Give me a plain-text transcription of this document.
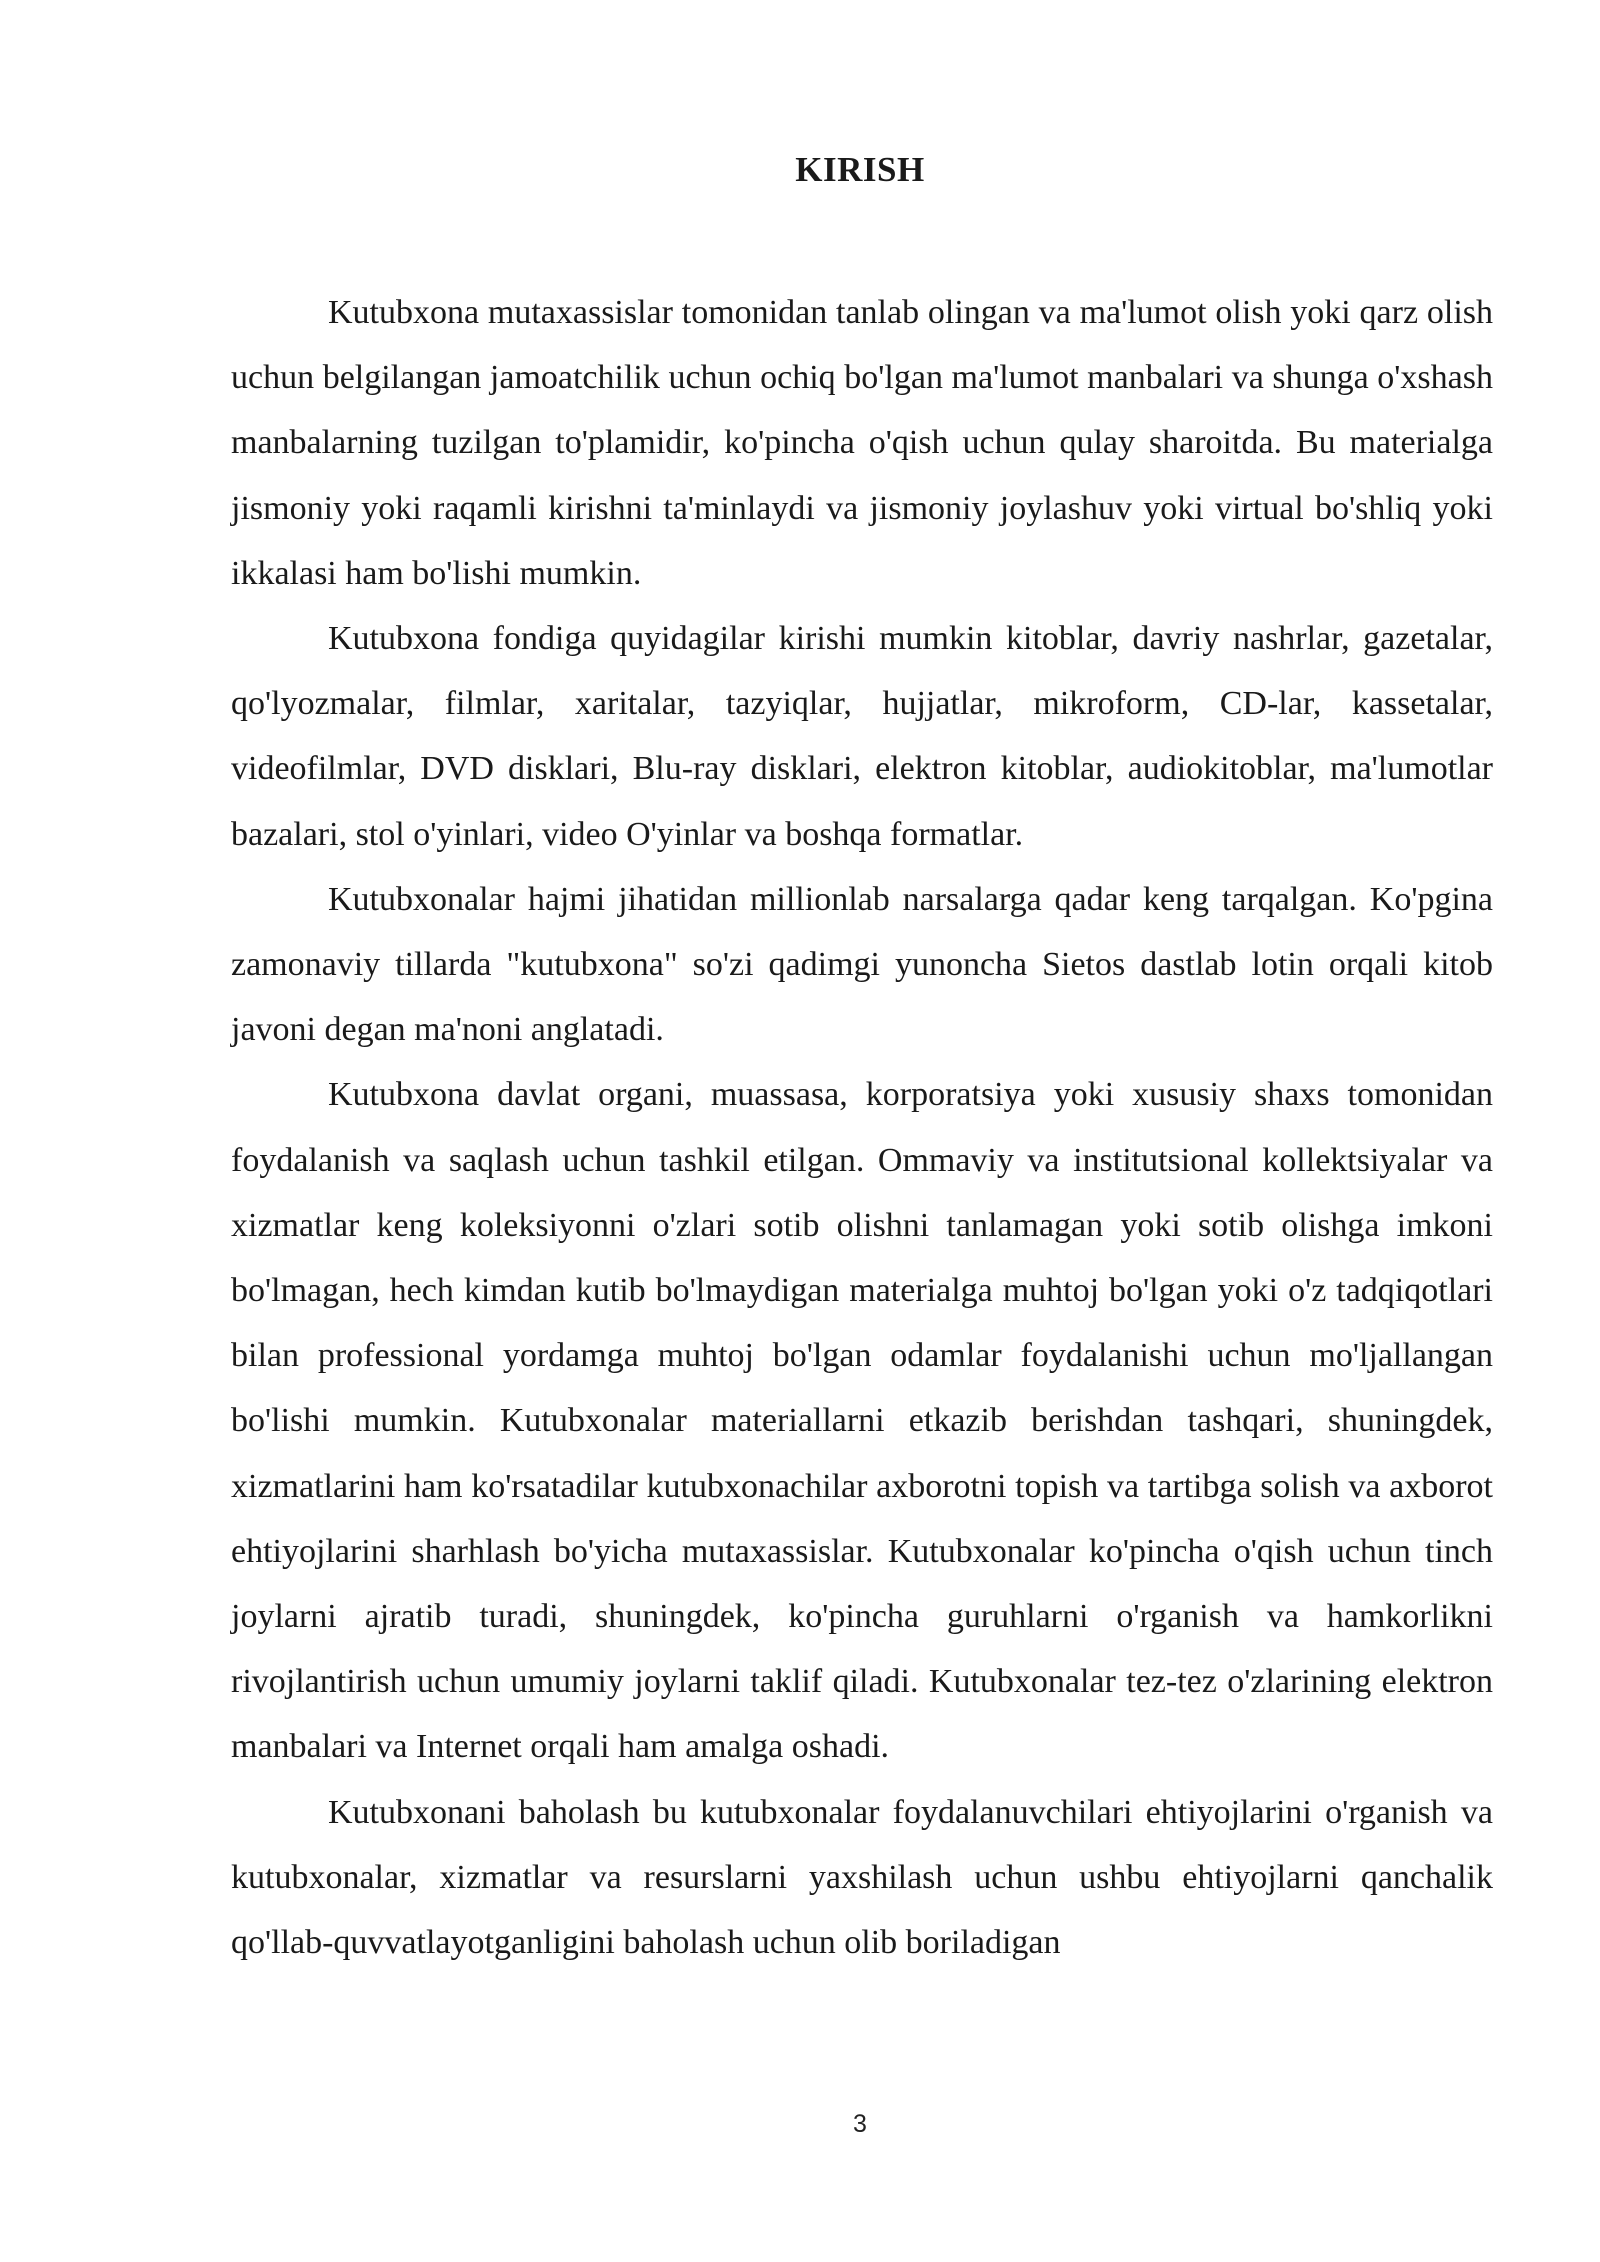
KIRISH

Kutubxona mutaxassislar tomonidan tanlab olingan va ma'lumot olish yoki qarz olish uchun belgilangan jamoatchilik uchun ochiq bo'lgan ma'lumot manbalari va shunga o'xshash manbalarning tuzilgan to'plamidir, ko'pincha o'qish uchun qulay sharoitda. Bu materialga jismoniy yoki raqamli kirishni ta'minlaydi va jismoniy joylashuv yoki virtual bo'shliq yoki ikkalasi ham bo'lishi mumkin.

Kutubxona fondiga quyidagilar kirishi mumkin kitoblar, davriy nashrlar, gazetalar, qo'lyozmalar, filmlar, xaritalar, tazyiqlar, hujjatlar, mikroform, CD-lar, kassetalar, videofilmlar, DVD disklari, Blu-ray disklari, elektron kitoblar, audiokitoblar, ma'lumotlar bazalari, stol o'yinlari, video O'yinlar va boshqa formatlar.

Kutubxonalar hajmi jihatidan millionlab narsalarga qadar keng tarqalgan. Ko'pgina zamonaviy tillarda "kutubxona" so'zi qadimgi yunoncha Sietos dastlab lotin orqali kitob javoni degan ma'noni anglatadi.

Kutubxona davlat organi, muassasa, korporatsiya yoki xususiy shaxs tomonidan foydalanish va saqlash uchun tashkil etilgan. Ommaviy va institutsional kollektsiyalar va xizmatlar keng koleksiyonni o'zlari sotib olishni tanlamagan yoki sotib olishga imkoni bo'lmagan, hech kimdan kutib bo'lmaydigan materialga muhtoj bo'lgan yoki o'z tadqiqotlari bilan professional yordamga muhtoj bo'lgan odamlar foydalanishi uchun mo'ljallangan bo'lishi mumkin. Kutubxonalar materiallarni etkazib berishdan tashqari, shuningdek, xizmatlarini ham ko'rsatadilar kutubxonachilar axborotni topish va tartibga solish va axborot ehtiyojlarini sharhlash bo'yicha mutaxassislar. Kutubxonalar ko'pincha o'qish uchun tinch joylarni ajratib turadi, shuningdek, ko'pincha guruhlarni o'rganish va hamkorlikni rivojlantirish uchun umumiy joylarni taklif qiladi. Kutubxonalar tez-tez o'zlarining elektron manbalari va Internet orqali ham amalga oshadi.

Kutubxonani baholash bu kutubxonalar foydalanuvchilari ehtiyojlarini o'rganish va kutubxonalar, xizmatlar va resurslarni yaxshilash uchun ushbu ehtiyojlarni qanchalik qo'llab-quvvatlayotganligini baholash uchun olib boriladigan

3
